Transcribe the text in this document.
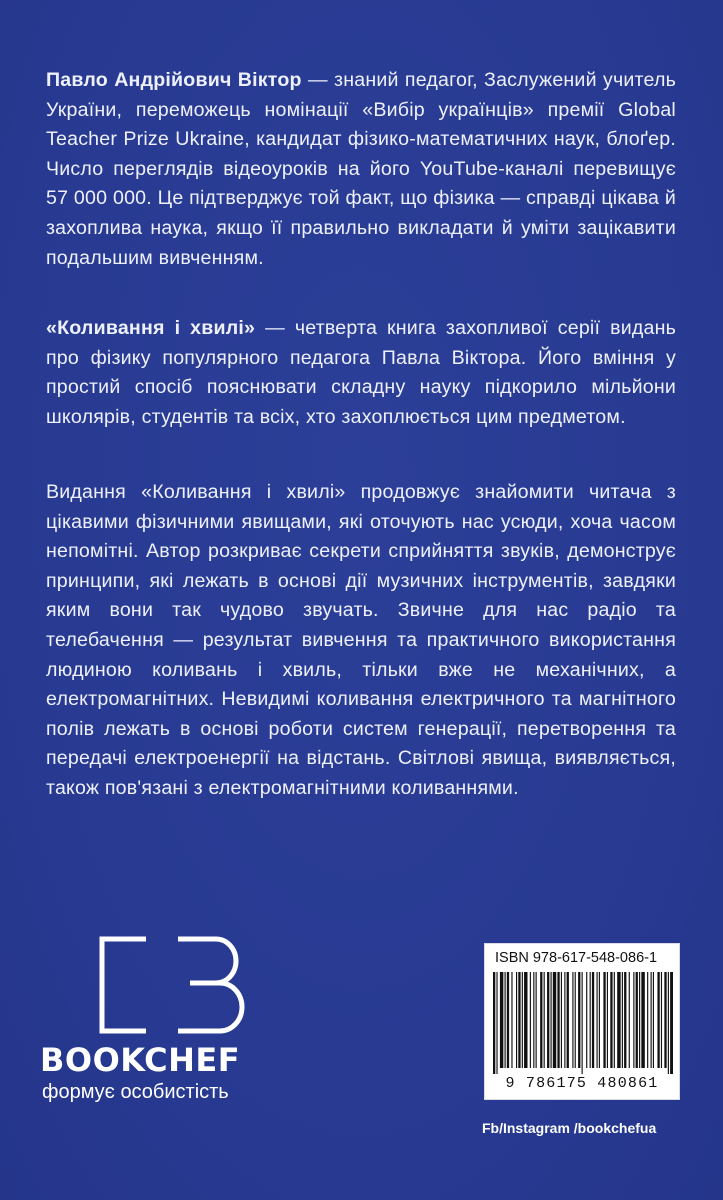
Павло Андрійович Віктор — знаний педагог, Заслужений учитель України, переможець номінації «Вибір українців» премії Global Teacher Prize Ukraine, кандидат фізико-математичних наук, блоґер. Число переглядів відеоуроків на його YouTube-каналі перевищує 57 000 000. Це підтверджує той факт, що фізика — справді цікава й захоплива наука, якщо її правильно викладати й уміти зацікавити подальшим вивченням.

«Коливання і хвилі» — четверта книга захопливої серії видань про фізику популярного педагога Павла Віктора. Його вміння у простий спосіб пояснювати складну науку підкорило мільйони школярів, студентів та всіх, хто захоплюється цим предметом.

Видання «Коливання і хвилі» продовжує знайомити читача з цікавими фізичними явищами, які оточують нас усюди, хоча часом непомітні. Автор розкриває секрети сприйняття звуків, демонструє принципи, які лежать в основі дії музичних інструментів, завдяки яким вони так чудово звучать. Звичне для нас радіо та телебачення — результат вивчення та практичного використання людиною коливань і хвиль, тільки вже не механічних, а електромагнітних. Невидимі коливання електричного та магнітного полів лежать в основі роботи систем генерації, перетворення та передачі електроенергії на відстань. Світлові явища, виявляється, також пов'язані з електромагнітними коливаннями.

BOOKCHEF
формує особистість
ISBN 978-617-548-086-1
9 786175 480861
Fb/Instagram /bookchefua
